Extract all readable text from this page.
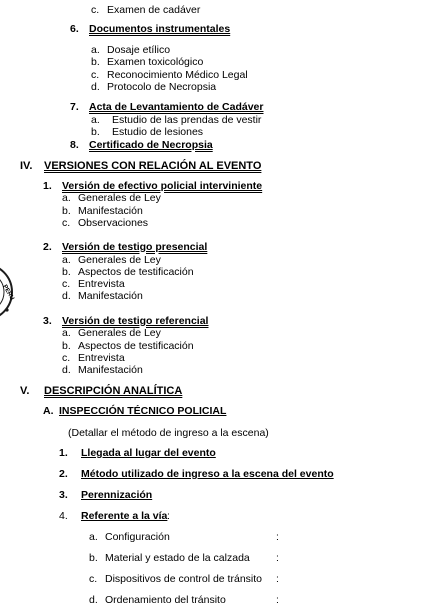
c. Examen de cadáver
6. Documentos instrumentales
a. Dosaje etílico
b. Examen toxicológico
c. Reconocimiento Médico Legal
d. Protocolo de Necropsia
7. Acta de Levantamiento de Cadáver
a. Estudio de las prendas de vestir
b. Estudio de lesiones
8. Certificado de Necropsia
IV. VERSIONES CON RELACIÓN AL EVENTO
1. Versión de efectivo policial interviniente
a. Generales de Ley
b. Manifestación
c. Observaciones
2. Versión de testigo presencial
a. Generales de Ley
b. Aspectos de testificación
c. Entrevista
d. Manifestación
3. Versión de testigo referencial
a. Generales de Ley
b. Aspectos de testificación
c. Entrevista
d. Manifestación
V. DESCRIPCIÓN ANALÍTICA
A. INSPECCIÓN TÉCNICO POLICIAL
(Detallar el método de ingreso a la escena)
1. Llegada al lugar del evento
2. Método utilizado de ingreso a la escena del evento
3. Perennización
4. Referente a la vía :
a. Configuración
b. Material y estado de la calzada
c. Dispositivos de control de tránsito
d. Ordenamiento del tránsito
:
:
:
:
PERU
